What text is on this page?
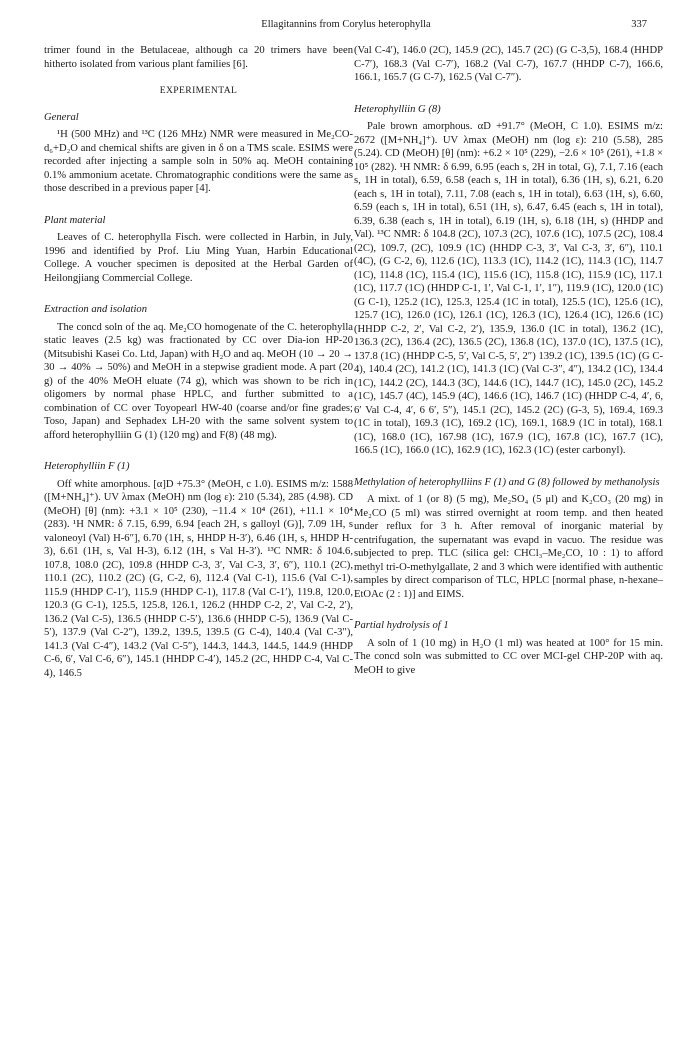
Ellagitannins from Corylus heterophylla	337

trimer found in the Betulaceae, although ca 20 trimers have been hitherto isolated from various plant families [6].

EXPERIMENTAL
General

¹H (500 MHz) and ¹³C (126 MHz) NMR were measured in Me₂CO-d₆+D₂O and chemical shifts are given in δ on a TMS scale. ESIMS were recorded after injecting a sample soln in 50% aq. MeOH containing 0.1% ammonium acetate. Chromatographic conditions were the same as those described in a previous paper [4].

Plant material

Leaves of C. heterophylla Fisch. were collected in Harbin, in July, 1996 and identified by Prof. Liu Ming Yuan, Harbin Educational College. A voucher specimen is deposited at the Herbal Garden of Heilongjiang Commercial College.

Extraction and isolation

The concd soln of the aq. Me₂CO homogenate of the C. heterophylla static leaves (2.5 kg) was fractionated by CC over Dia-ion HP-20 (Mitsubishi Kasei Co. Ltd, Japan) with H₂O and aq. MeOH (10 → 20 → 30 → 40% → 50%) and MeOH in a stepwise gradient mode. A part (20 g) of the 40% MeOH eluate (74 g), which was shown to be rich in oligomers by normal phase HPLC, and further submitted to a combination of CC over Toyopearl HW-40 (coarse and/or fine grades; Toso, Japan) and Sephadex LH-20 with the same solvent system to afford heterophylliin G (1) (120 mg) and F(8) (48 mg).

Heterophylliin F (1)

Off white amorphous. [α]D +75.3° (MeOH, c 1.0). ESIMS m/z: 1588 ([M+NH₄]⁺). UV λmax (MeOH) nm (log ε): 210 (5.34), 285 (4.98). CD (MeOH) [θ] (nm): +3.1 × 10⁵ (230), −11.4 × 10⁴ (261), +11.1 × 10⁴ (283). ¹H NMR: δ 7.15, 6.99, 6.94 [each 2H, s galloyl (G)], 7.09 1H, s valoneoyl (Val) H-6″], 6.70 (1H, s, HHDP H-3′), 6.46 (1H, s, HHDP H-3), 6.61 (1H, s, Val H-3), 6.12 (1H, s Val H-3′). ¹³C NMR: δ 104.6, 107.8, 108.0 (2C), 109.8 (HHDP C-3, 3′, Val C-3, 3′, 6″), 110.1 (2C), 110.1 (2C), 110.2 (2C) (G, C-2, 6), 112.4 (Val C-1), 115.6 (Val C-1), 115.9 (HHDP C-1′), 115.9 (HHDP C-1), 117.8 (Val C-1′), 119.8, 120.0, 120.3 (G C-1), 125.5, 125.8, 126.1, 126.2 (HHDP C-2, 2′, Val C-2, 2′), 136.2 (Val C-5), 136.5 (HHDP C-5′), 136.6 (HHDP C-5), 136.9 (Val C-5′), 137.9 (Val C-2″), 139.2, 139.5, 139.5 (G C-4), 140.4 (Val C-3″), 141.3 (Val C-4″), 143.2 (Val C-5″), 144.3, 144.3, 144.5, 144.9 (HHDP C-6, 6′, Val C-6, 6″), 145.1 (HHDP C-4′), 145.2 (2C, HHDP C-4, Val C-4), 146.5

(Val C-4′), 146.0 (2C), 145.9 (2C), 145.7 (2C) (G C-3,5), 168.4 (HHDP C-7′), 168.3 (Val C-7′), 168.2 (Val C-7), 167.7 (HHDP C-7), 166.6, 166.1, 165.7 (G C-7), 162.5 (Val C-7″).

Heterophylliin G (8)

Pale brown amorphous. αD +91.7° (MeOH, C 1.0). ESIMS m/z: 2672 ([M+NH₄]⁺). UV λmax (MeOH) nm (log ε): 210 (5.58), 285 (5.24). CD (MeOH) [θ] (nm): +6.2 × 10⁵ (229), −2.6 × 10⁵ (261), +1.8 × 10⁵ (282). ¹H NMR: δ 6.99, 6.95 (each s, 2H in total, G), 7.1, 7.16 (each s, 1H in total), 6.59, 6.58 (each s, 1H in total), 6.36 (1H, s), 6.21, 6.20 (each s, 1H in total), 7.11, 7.08 (each s, 1H in total), 6.63 (1H, s), 6.60, 6.59 (each s, 1H in total), 6.51 (1H, s), 6.47, 6.45 (each s, 1H in total), 6.39, 6.38 (each s, 1H in total), 6.19 (1H, s), 6.18 (1H, s) (HHDP and Val). ¹³C NMR: δ 104.8 (2C), 107.3 (2C), 107.6 (1C), 107.5 (2C), 108.4 (2C), 109.7, (2C), 109.9 (1C) (HHDP C-3, 3′, Val C-3, 3′, 6″), 110.1 (4C), (G C-2, 6), 112.6 (1C), 113.3 (1C), 114.2 (1C), 114.3 (1C), 114.7 (1C), 114.8 (1C), 115.4 (1C), 115.6 (1C), 115.8 (1C), 115.9 (1C), 117.1 (1C), 117.7 (1C) (HHDP C-1, 1′, Val C-1, 1′, 1″), 119.9 (1C), 120.0 (1C) (G C-1), 125.2 (1C), 125.3, 125.4 (1C in total), 125.5 (1C), 125.6 (1C), 125.7 (1C), 126.0 (1C), 126.1 (1C), 126.3 (1C), 126.4 (1C), 126.6 (1C) (HHDP C-2, 2′, Val C-2, 2′), 135.9, 136.0 (1C in total), 136.2 (1C), 136.3 (2C), 136.4 (2C), 136.5 (2C), 136.8 (1C), 137.0 (1C), 137.5 (1C), 137.8 (1C) (HHDP C-5, 5′, Val C-5, 5′, 2″) 139.2 (1C), 139.5 (1C) (G C-4), 140.4 (2C), 141.2 (1C), 141.3 (1C) (Val C-3″, 4″), 134.2 (1C), 134.4 (1C), 144.2 (2C), 144.3 (3C), 144.6 (1C), 144.7 (1C), 145.0 (2C), 145.2 (1C), 145.7 (4C), 145.9 (4C), 146.6 (1C), 146.7 (1C) (HHDP C-4, 4′, 6, 6′ Val C-4, 4′, 6 6′, 5″), 145.1 (2C), 145.2 (2C) (G-3, 5), 169.4, 169.3 (1C in total), 169.3 (1C), 169.2 (1C), 169.1, 168.9 (1C in total), 168.1 (1C), 168.0 (1C), 167.98 (1C), 167.9 (1C), 167.8 (1C), 167.7 (1C), 166.5 (1C), 166.0 (1C), 162.9 (1C), 162.3 (1C) (ester carbonyl).

Methylation of heterophylliins F (1) and G (8) followed by methanolysis

A mixt. of 1 (or 8) (5 mg), Me₂SO₄ (5 μl) and K₂CO₃ (20 mg) in Me₂CO (5 ml) was stirred overnight at room temp. and then heated under reflux for 3 h. After removal of inorganic material by centrifugation, the supernatant was evapd in vacuo. The residue was subjected to prep. TLC (silica gel: CHCl₃–Me₂CO, 10 : 1) to afford methyl tri-O-methylgallate, 2 and 3 which were identified with authentic samples by direct comparison of TLC, HPLC [normal phase, n-hexane–EtOAc (2 : 1)] and EIMS.

Partial hydrolysis of 1

A soln of 1 (10 mg) in H₂O (1 ml) was heated at 100° for 15 min. The concd soln was submitted to CC over MCI-gel CHP-20P with aq. MeOH to give
